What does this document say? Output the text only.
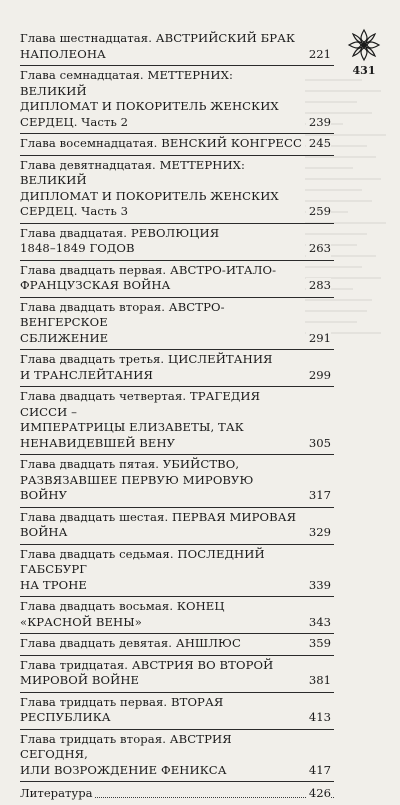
431
Глава шестнадцатая. АВСТРИЙСКИЙ БРАК
НАПОЛЕОНА	221
Глава семнадцатая. МЕТТЕРНИХ: ВЕЛИКИЙ
ДИПЛОМАТ И ПОКОРИТЕЛЬ ЖЕНСКИХ
СЕРДЕЦ. Часть 2	239
Глава восемнадцатая. ВЕНСКИЙ КОНГРЕСС 245
Глава девятнадцатая. МЕТТЕРНИХ: ВЕЛИКИЙ
ДИПЛОМАТ И ПОКОРИТЕЛЬ ЖЕНСКИХ
СЕРДЕЦ. Часть 3	259
Глава двадцатая. РЕВОЛЮЦИЯ
1848–1849 ГОДОВ	263
Глава двадцать первая. АВСТРО-ИТАЛО-
ФРАНЦУЗСКАЯ ВОЙНА	283
Глава двадцать вторая. АВСТРО-ВЕНГЕРСКОЕ
СБЛИЖЕНИЕ	291
Глава двадцать третья. ЦИСЛЕЙТАНИЯ
И ТРАНСЛЕЙТАНИЯ	299
Глава двадцать четвертая. ТРАГЕДИЯ СИССИ –
ИМПЕРАТРИЦЫ ЕЛИЗАВЕТЫ, ТАК
НЕНАВИДЕВШЕЙ ВЕНУ	305
Глава двадцать пятая. УБИЙСТВО,
РАЗВЯЗАВШЕЕ ПЕРВУЮ МИРОВУЮ ВОЙНУ	317
Глава двадцать шестая. ПЕРВАЯ МИРОВАЯ
ВОЙНА	329
Глава двадцать седьмая. ПОСЛЕДНИЙ ГАБСБУРГ
НА ТРОНЕ	339
Глава двадцать восьмая. КОНЕЦ
«КРАСНОЙ ВЕНЫ»	343
Глава двадцать девятая. АНШЛЮС	359
Глава тридцатая. АВСТРИЯ ВО ВТОРОЙ
МИРОВОЙ ВОЙНЕ	381
Глава тридцать первая. ВТОРАЯ
РЕСПУБЛИКА	413
Глава тридцать вторая. АВСТРИЯ СЕГОДНЯ,
ИЛИ ВОЗРОЖДЕНИЕ ФЕНИКСА	417
Литература	426
